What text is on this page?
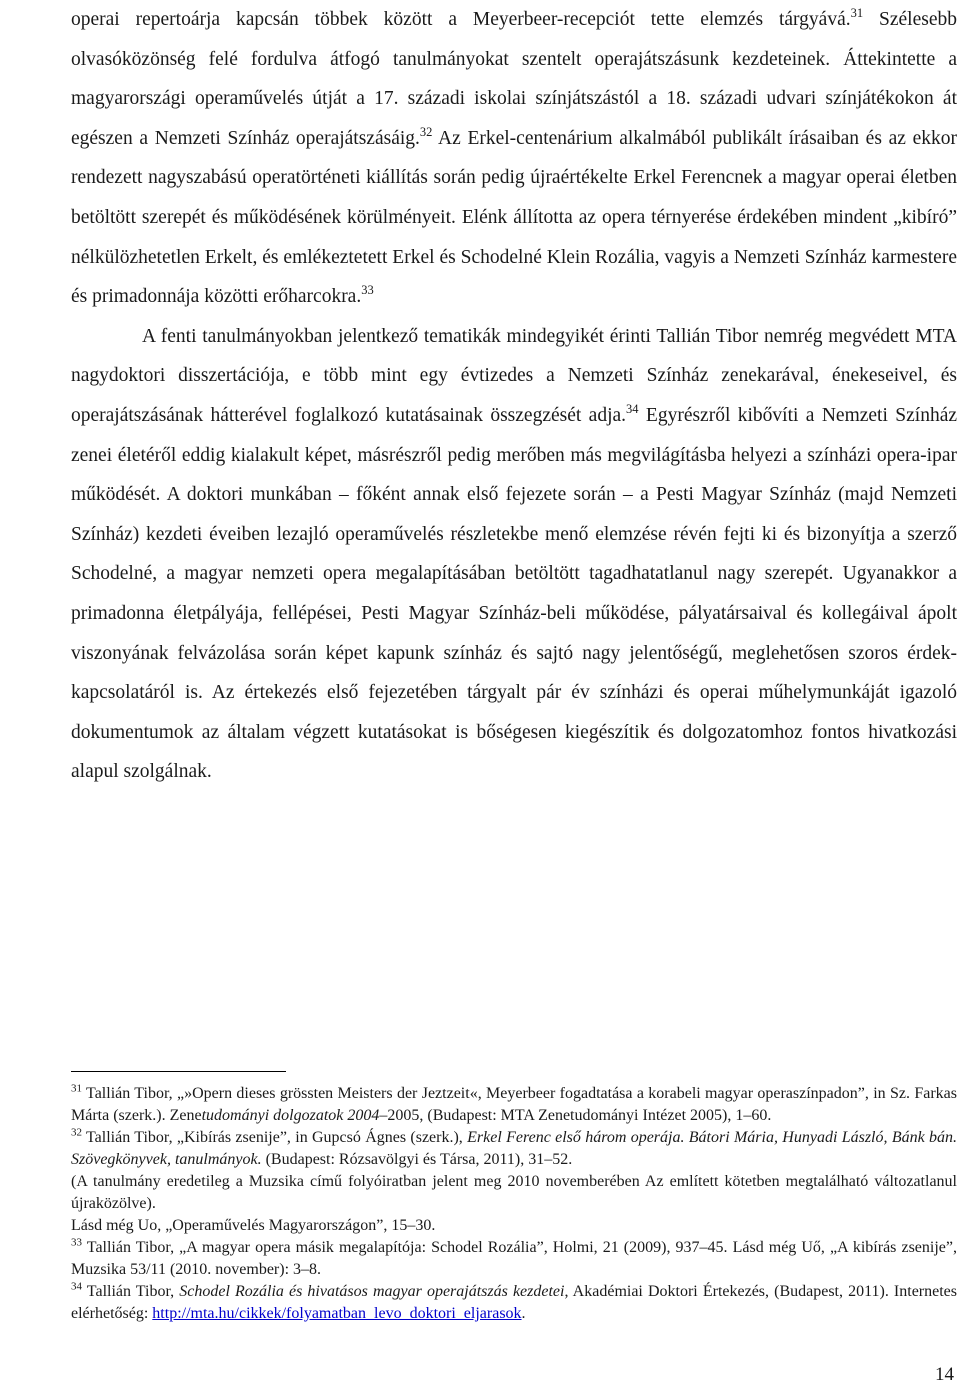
operai repertoárja kapcsán többek között a Meyerbeer-recepciót tette elemzés tárgyává.$^{31}$ Szélesebb olvasóközönség felé fordulva átfogó tanulmányokat szentelt operajátszásunk kezdeteinek. Áttekintette a magyarországi operaművelés útját a 17. századi iskolai színjátszástól a 18. századi udvari színjátékokon át egészen a Nemzeti Színház operajátszásáig.$^{32}$ Az Erkel-centenárium alkalmából publikált írásaiban és az ekkor rendezett nagyszabású operatörténeti kiállítás során pedig újraértékelte Erkel Ferencnek a magyar operai életben betöltött szerepét és működésének körülményeit. Elénk állította az opera térnyerése érdekében mindent „kibíró” nélkülözhetetlen Erkelt, és emlékeztetett Erkel és Schodelné Klein Rozália, vagyis a Nemzeti Színház karmestere és primadonnája közötti erőharcokra.$^{33}$

A fenti tanulmányokban jelentkező tematikák mindegyikét érinti Tallián Tibor nemrég megvédett MTA nagydoktori disszertációja, e több mint egy évtizedes a Nemzeti Színház zenekarával, énekeseivel, és operajátszásának hátterével foglalkozó kutatásainak összegzését adja.$^{34}$ Egyrészről kibővíti a Nemzeti Színház zenei életéről eddig kialakult képet, másrészről pedig merőben más megvilágításba helyezi a színházi opera-ipar működését. A doktori munkában – főként annak első fejezete során – a Pesti Magyar Színház (majd Nemzeti Színház) kezdeti éveiben lezajló operaművelés részletekbe menő elemzése révén fejti ki és bizonyítja a szerző Schodelné, a magyar nemzeti opera megalapításában betöltött tagadhatatlanul nagy szerepét. Ugyanakkor a primadonna életpályája, fellépései, Pesti Magyar Színház-beli működése, pályatársaival és kollegáival ápolt viszonyának felvázolása során képet kapunk színház és sajtó nagy jelentőségű, meglehetősen szoros érdek-kapcsolatáról is. Az értekezés első fejezetében tárgyalt pár év színházi és operai műhelymunkáját igazoló dokumentumok az általam végzett kutatásokat is bőségesen kiegészítik és dolgozatomhoz fontos hivatkozási alapul szolgálnak.

$^{31}$ Tallián Tibor, „»Opern dieses grössten Meisters der Jeztzeit«, Meyerbeer fogadtatása a korabeli magyar operaszínpadon”, in Sz. Farkas Márta (szerk.). Zenetudományi dolgozatok 2004–2005, (Budapest: MTA Zenetudományi Intézet 2005), 1–60.

$^{32}$ Tallián Tibor, „Kibírás zsenije”, in Gupcsó Ágnes (szerk.), Erkel Ferenc első három operája. Bátori Mária, Hunyadi László, Bánk bán. Szövegkönyvek, tanulmányok. (Budapest: Rózsavölgyi és Társa, 2011), 31–52.

(A tanulmány eredetileg a Muzsika című folyóiratban jelent meg 2010 novemberében Az említett kötetben megtalálható változatlanul újraközölve).

Lásd még Uo, „Operaművelés Magyarországon”, 15–30.

$^{33}$ Tallián Tibor, „A magyar opera másik megalapítója: Schodel Rozália”, Holmi, 21 (2009), 937–45. Lásd még Uő, „A kibírás zsenije”, Muzsika 53/11 (2010. november): 3–8.

$^{34}$ Tallián Tibor, Schodel Rozália és hivatásos magyar operajátszás kezdetei, Akadémiai Doktori Értekezés, (Budapest, 2011). Internetes elérhetőség: http://mta.hu/cikkek/folyamatban_levo_doktori_eljarasok.

14
